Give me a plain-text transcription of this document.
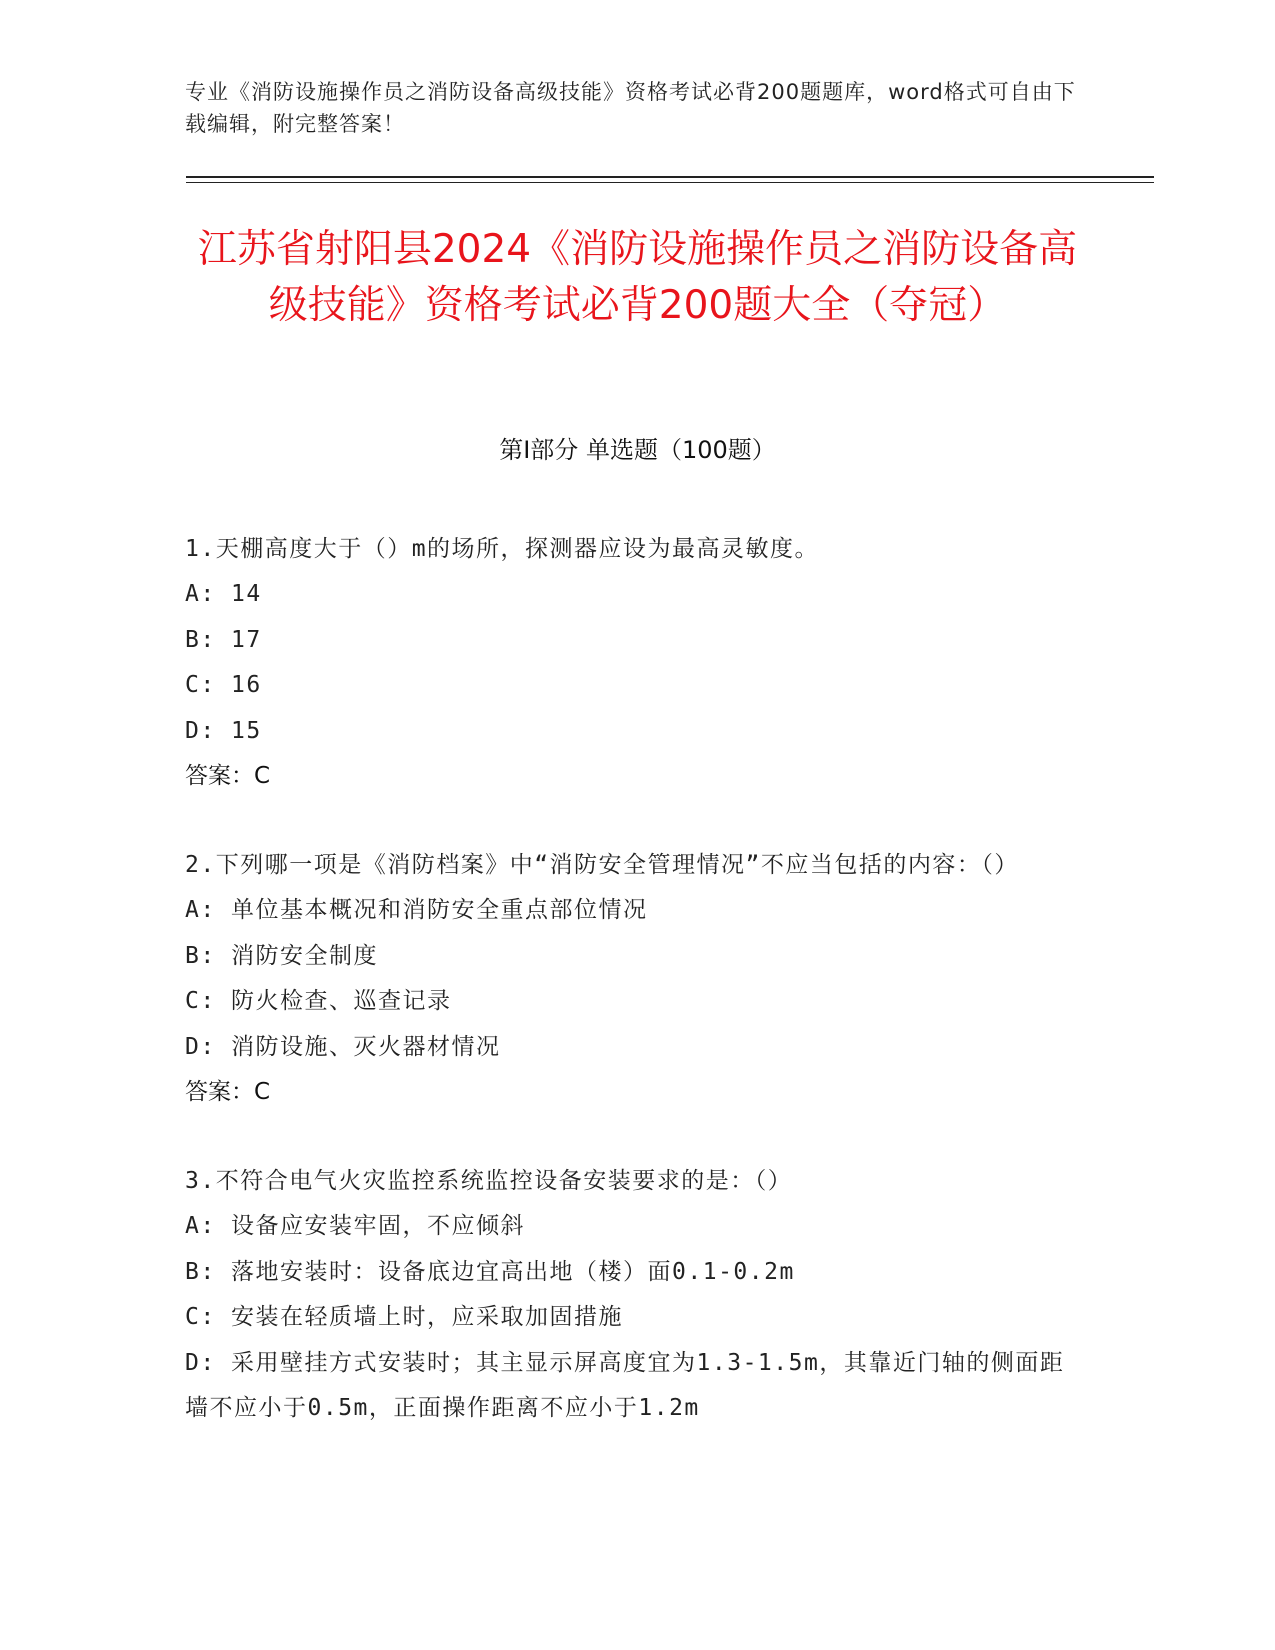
专业《消防设施操作员之消防设备高级技能》资格考试必背200题题库，word格式可自由下载编辑，附完整答案！
江苏省射阳县2024《消防设施操作员之消防设备高级技能》资格考试必背200题大全（夺冠）
第I部分 单选题（100题）
1.天棚高度大于（）m的场所，探测器应设为最高灵敏度。
A: 14
B: 17
C: 16
D: 15
答案：C
2.下列哪一项是《消防档案》中“消防安全管理情况”不应当包括的内容：（）
A: 单位基本概况和消防安全重点部位情况
B: 消防安全制度
C: 防火检查、巡查记录
D: 消防设施、灭火器材情况
答案：C
3.不符合电气火灾监控系统监控设备安装要求的是：（）
A: 设备应安装牢固，不应倾斜
B: 落地安装时：设备底边宜高出地（楼）面0.1-0.2m
C: 安装在轻质墙上时，应采取加固措施
D: 采用壁挂方式安装时；其主显示屏高度宜为1.3-1.5m，其靠近门轴的侧面距墙不应小于0.5m，正面操作距离不应小于1.2m
